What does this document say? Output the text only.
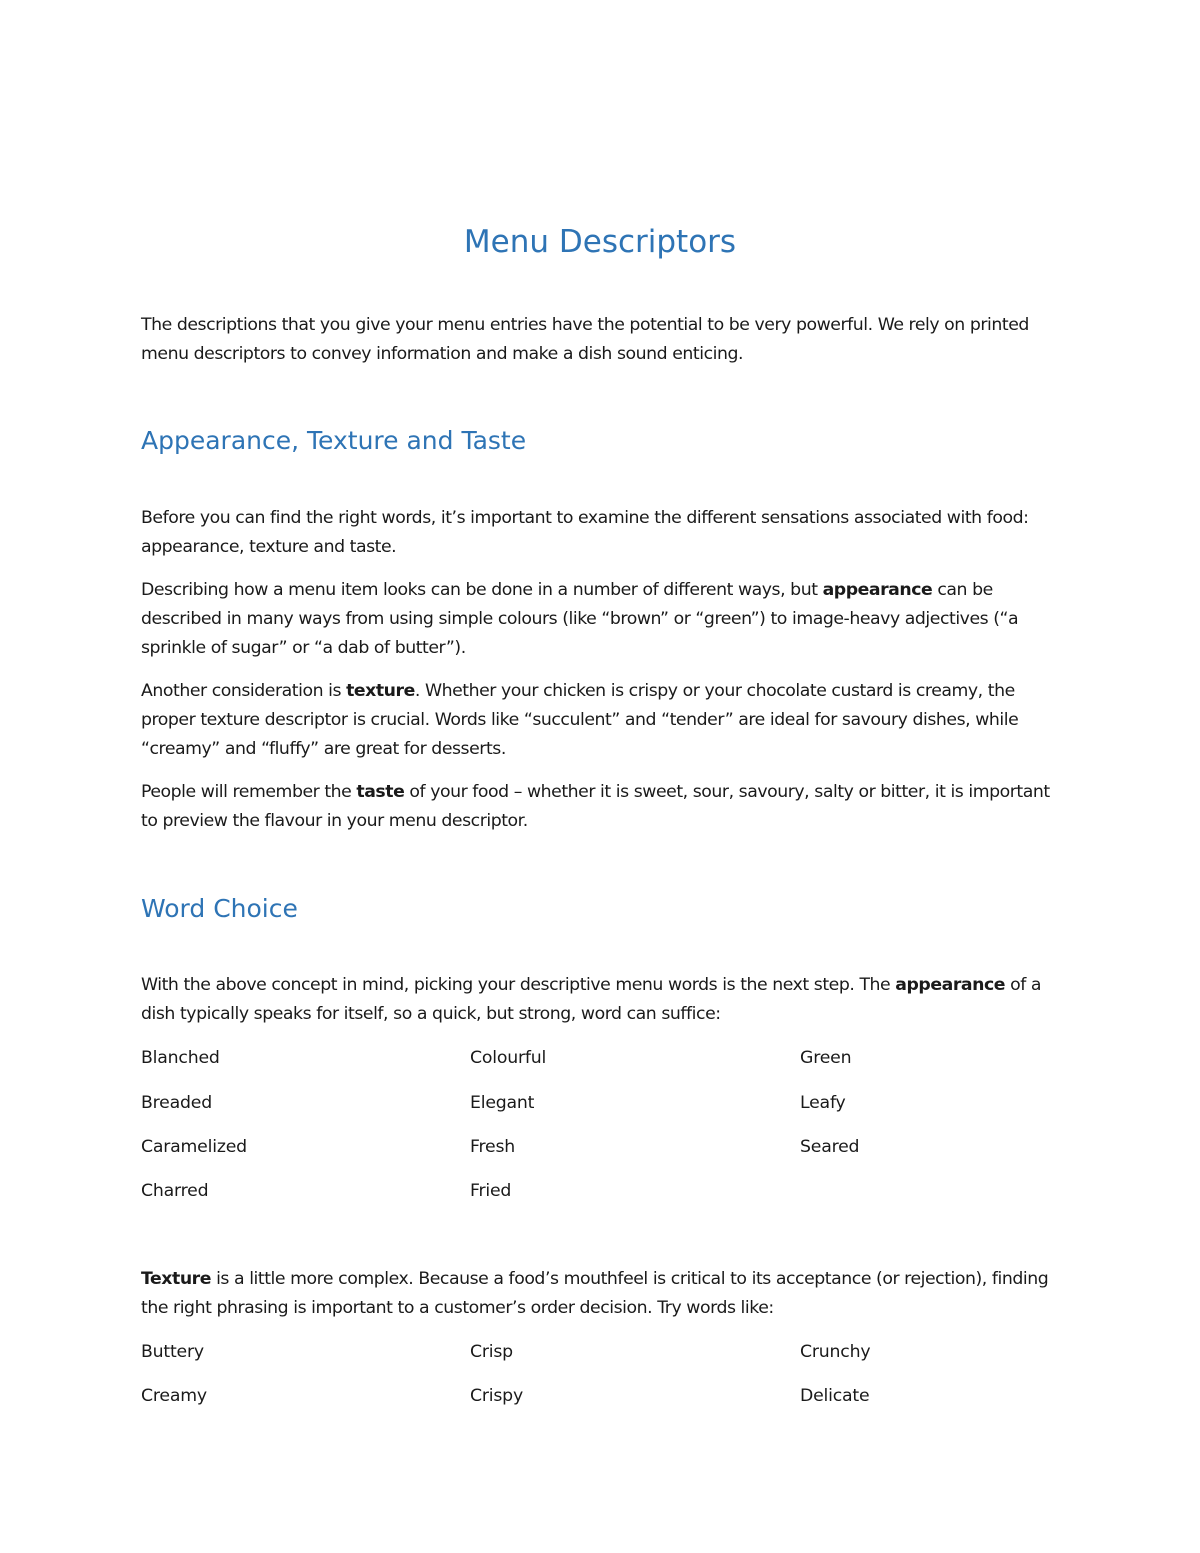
Menu Descriptors

The descriptions that you give your menu entries have the potential to be very powerful. We rely on printed menu descriptors to convey information and make a dish sound enticing.

Appearance, Texture and Taste

Before you can find the right words, it’s important to examine the different sensations associated with food: appearance, texture and taste.

Describing how a menu item looks can be done in a number of different ways, but appearance can be described in many ways from using simple colours (like “brown” or “green”) to image-heavy adjectives (“a sprinkle of sugar” or “a dab of butter”).

Another consideration is texture. Whether your chicken is crispy or your chocolate custard is creamy, the proper texture descriptor is crucial. Words like “succulent” and “tender” are ideal for savoury dishes, while “creamy” and “fluffy” are great for desserts.

People will remember the taste of your food – whether it is sweet, sour, savoury, salty or bitter, it is important to preview the flavour in your menu descriptor.

Word Choice

With the above concept in mind, picking your descriptive menu words is the next step. The appearance of a dish typically speaks for itself, so a quick, but strong, word can suffice:

Blanched	Colourful	Green
Breaded	Elegant	Leafy
Caramelized	Fresh	Seared
Charred	Fried

Texture is a little more complex. Because a food’s mouthfeel is critical to its acceptance (or rejection), finding the right phrasing is important to a customer’s order decision. Try words like:

Buttery	Crisp	Crunchy
Creamy	Crispy	Delicate
